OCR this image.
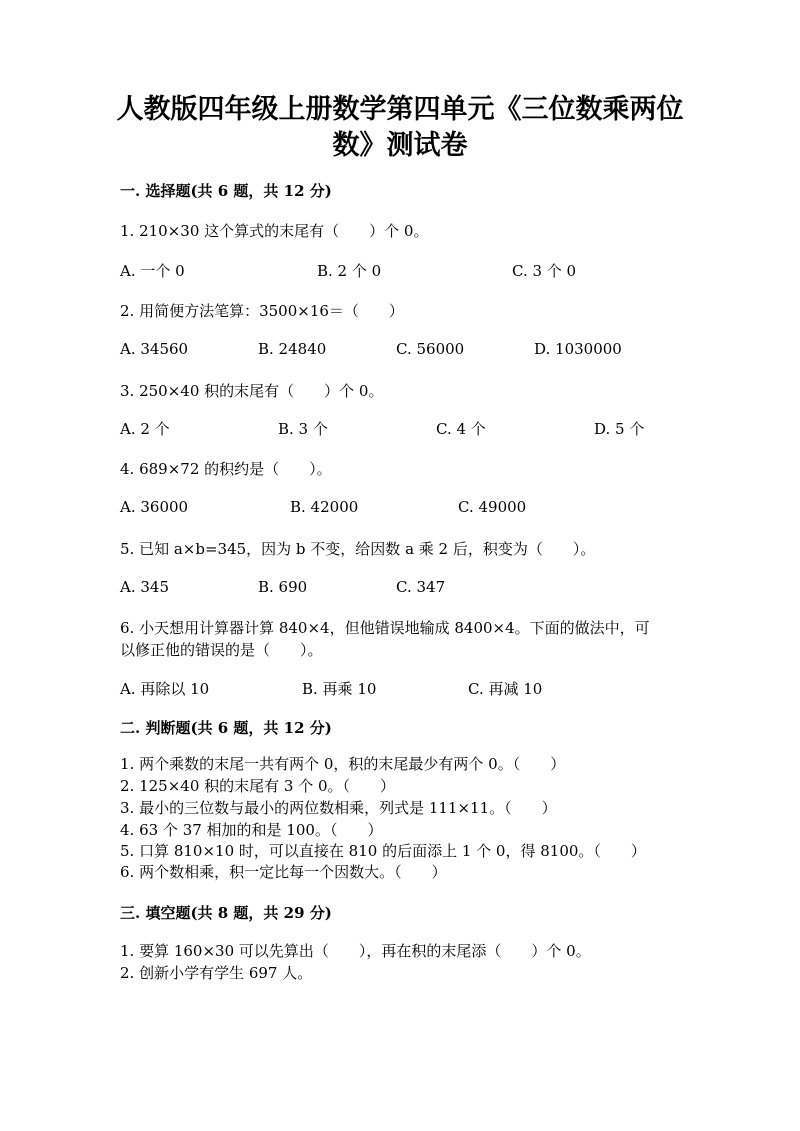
人教版四年级上册数学第四单元《三位数乘两位
数》测试卷
一. 选择题(共 6 题，共 12 分)
1. 210×30 这个算式的末尾有（　　）个 0。
A. 一个 0	B. 2 个 0	C. 3 个 0
2. 用简便方法笔算：3500×16＝（　　）
A. 34560	B. 24840	C. 56000	D. 1030000
3. 250×40 积的末尾有（　　）个 0。
A. 2 个	B. 3 个	C. 4 个	D. 5 个
4. 689×72 的积约是（　　）。
A. 36000	B. 42000	C. 49000
5. 已知 a×b=345，因为 b 不变，给因数 a 乘 2 后，积变为（　　）。
A. 345	B. 690	C. 347
6. 小天想用计算器计算 840×4，但他错误地输成 8400×4。下面的做法中，可
以修正他的错误的是（　　）。
A. 再除以 10	B. 再乘 10	C. 再减 10
二. 判断题(共 6 题，共 12 分)
1. 两个乘数的末尾一共有两个 0，积的末尾最少有两个 0。（　　）
2. 125×40 积的末尾有 3 个 0。（　　）
3. 最小的三位数与最小的两位数相乘，列式是 111×11。（　　）
4. 63 个 37 相加的和是 100。（　　）
5. 口算 810×10 时，可以直接在 810 的后面添上 1 个 0，得 8100。（　　）
6. 两个数相乘，积一定比每一个因数大。（　　）
三. 填空题(共 8 题，共 29 分)
1. 要算 160×30 可以先算出（　　），再在积的末尾添（　　）个 0。
2. 创新小学有学生 697 人。
